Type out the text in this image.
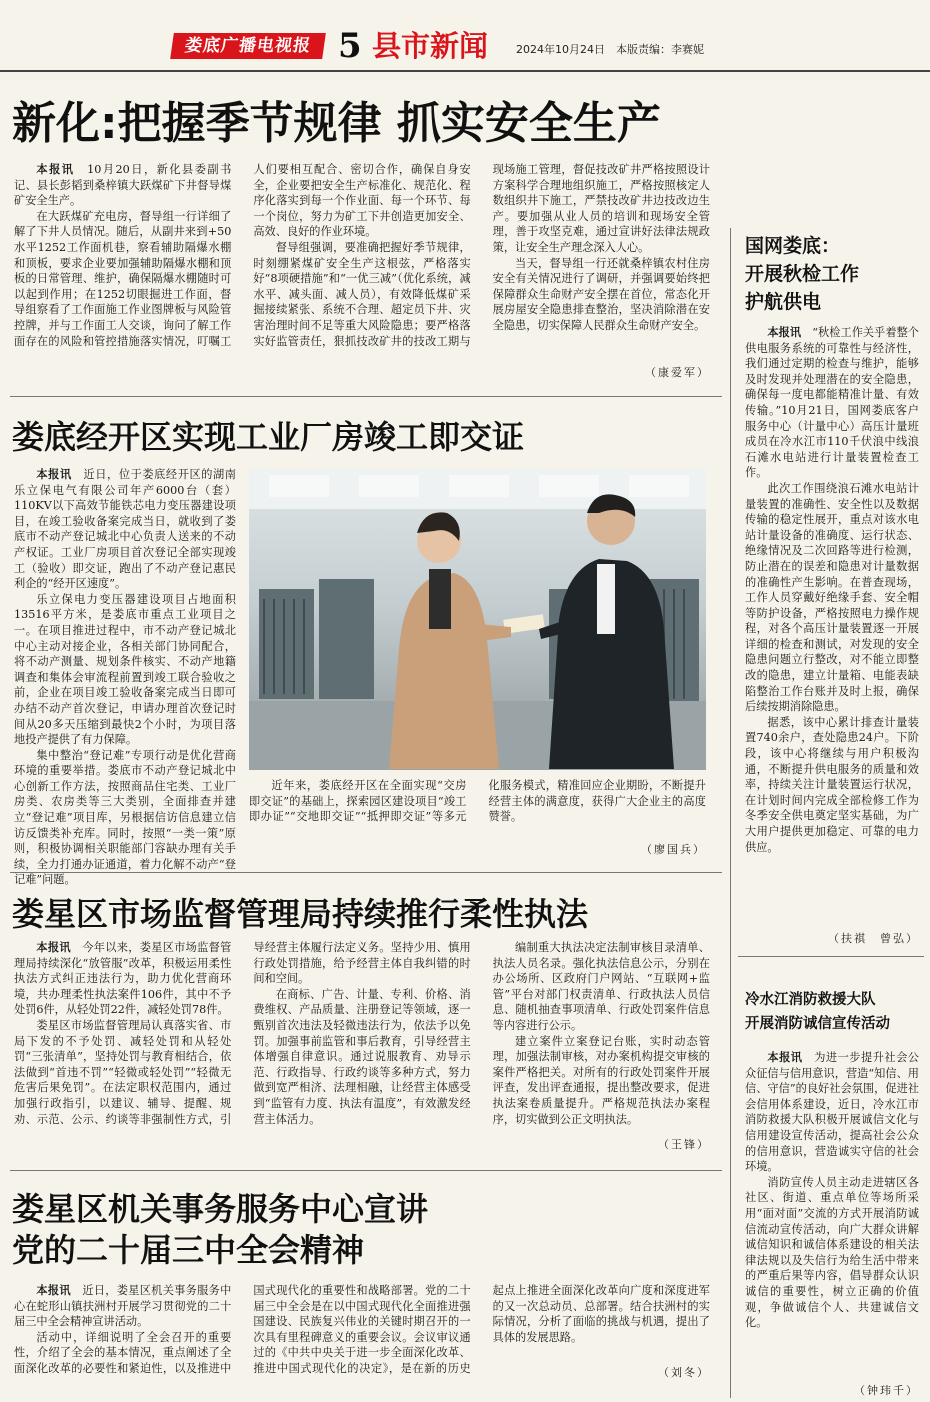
娄底广播电视报 5 县市新闻	2024年10月24日　本版责编：李赛妮
新化:把握季节规律 抓实安全生产

本报讯　 10月20日，新化县委副书记、县长彭韬到桑梓镇大跃煤矿下井督导煤矿安全生产。

在大跃煤矿充电房，督导组一行详细了解了下井人员情况。随后，从副井来到+50水平1252工作面机巷，察看辅助隔爆水棚和顶板，要求企业要加强辅助隔爆水棚和顶板的日常管理、维护，确保隔爆水棚随时可以起到作用；在1252切眼掘进工作面，督导组察看了工作面施工作业图牌板与风险管控牌，并与工作面工人交谈，询问了解工作面存在的风险和管控措施落实情况，叮嘱工人们要相互配合、密切合作，确保自身安全，企业要把安全生产标准化、规范化、程序化落实到每一个作业面、每一个环节、每一个岗位，努力为矿工下井创造更加安全、高效、良好的作业环境。

督导组强调，要准确把握好季节规律，时刻绷紧煤矿安全生产这根弦，严格落实好“8项硬措施”和“一优三减”（优化系统，减水平、减头面、减人员），有效降低煤矿采掘接续紧张、系统不合理、超定员下井、灾害治理时间不足等重大风险隐患；要严格落实好监管责任，狠抓技改矿井的技改工期与现场施工管理，督促技改矿井严格按照设计方案科学合理地组织施工，严格按照核定人数组织井下施工，严禁技改矿井边技改边生产。要加强从业人员的培训和现场安全管理，善于攻坚克难，通过宣讲好法律法规政策，让安全生产理念深入人心。

当天，督导组一行还就桑梓镇农村住房安全有关情况进行了调研，并强调要始终把保障群众生命财产安全摆在首位，常态化开展房屋安全隐患排查整治，坚决消除潜在安全隐患，切实保障人民群众生命财产安全。

（康爱军）
娄底经开区实现工业厂房竣工即交证

本报讯　 近日，位于娄底经开区的湖南乐立保电气有限公司年产6000台（套）110KV以下高效节能铁芯电力变压器建设项目，在竣工验收备案完成当日，就收到了娄底市不动产登记城北中心负责人送来的不动产权证。工业厂房项目首次登记全部实现竣工（验收）即交证，跑出了不动产登记惠民利企的“经开区速度”。

乐立保电力变压器建设项目占地面积13516平方米，是娄底市重点工业项目之一。在项目推进过程中，市不动产登记城北中心主动对接企业，各相关部门协同配合，将不动产测量、规划条件核实、不动产地籍调查和集体会审流程前置到竣工联合验收之前，企业在项目竣工验收备案完成当日即可办结不动产首次登记，申请办理首次登记时间从20多天压缩到最快2个小时，为项目落地投产提供了有力保障。

集中整治“登记难”专项行动是优化营商环境的重要举措。娄底市不动产登记城北中心创新工作方法，按照商品住宅类、工业厂房类、农房类等三大类别，全面排查并建立“登记难”项目库，另根据信访信息建立信访反馈类补充库。同时，按照“一类一策”原则，积极协调相关职能部门容缺办理有关手续，全力打通办证通道，着力化解不动产“登记难”问题。

近年来，娄底经开区在全面实现“交房即交证”的基础上，探索园区建设项目“竣工即办证”“交地即交证”“抵押即交证”等多元化服务模式，精准回应企业期盼，不断提升经营主体的满意度，获得广大企业主的高度赞誉。

（廖国兵）
娄星区市场监督管理局持续推行柔性执法

本报讯　 今年以来，娄星区市场监督管理局持续深化“放管服”改革，积极运用柔性执法方式纠正违法行为，助力优化营商环境，共办理柔性执法案件106件，其中不予处罚6件，从轻处罚22件，减轻处罚78件。

娄星区市场监督管理局认真落实省、市局下发的不予处罚、减轻处罚和从轻处罚“三张清单”，坚持处罚与教育相结合，依法做到“首违不罚”“轻微或轻处罚”“轻微无危害后果免罚”。在法定职权范围内，通过加强行政指引，以建议、辅导、提醒、规劝、示范、公示、约谈等非强制性方式，引导经营主体履行法定义务。坚持少用、慎用行政处罚措施，给予经营主体自我纠错的时间和空间。

在商标、广告、计量、专利、价格、消费维权、产品质量、注册登记等领域，逐一甄别首次违法及轻微违法行为，依法予以免罚。加强事前监管和事后教育，引导经营主体增强自律意识。通过说服教育、劝导示范、行政指导、行政约谈等多种方式，努力做到宽严相济、法理相融，让经营主体感受到“监管有力度、执法有温度”，有效激发经营主体活力。

编制重大执法决定法制审核目录清单、执法人员名录。强化执法信息公示，分别在办公场所、区政府门户网站、“互联网+监管”平台对部门权责清单、行政执法人员信息、随机抽查事项清单、行政处罚案件信息等内容进行公示。

建立案件立案登记台账，实时动态管理，加强法制审核，对办案机构提交审核的案件严格把关。对所有的行政处罚案件开展评查，发出评查通报，提出整改要求，促进执法案卷质量提升。严格规范执法办案程序，切实做到公正文明执法。

（王锋）
娄星区机关事务服务中心宣讲
党的二十届三中全会精神

本报讯　 近日，娄星区机关事务服务中心在蛇形山镇扶洲村开展学习贯彻党的二十届三中全会精神宣讲活动。

活动中，详细说明了全会召开的重要性，介绍了全会的基本情况，重点阐述了全面深化改革的必要性和紧迫性，以及推进中国式现代化的重要性和战略部署。党的二十届三中全会是在以中国式现代化全面推进强国建设、民族复兴伟业的关键时期召开的一次具有里程碑意义的重要会议。会议审议通过的《中共中央关于进一步全面深化改革、推进中国式现代化的决定》，是在新的历史起点上推进全面深化改革向广度和深度进军的又一次总动员、总部署。结合扶洲村的实际情况，分析了面临的挑战与机遇，提出了具体的发展思路。

（刘冬）
国网娄底：
开展秋检工作
护航供电

本报讯　 “秋检工作关乎着整个供电服务系统的可靠性与经济性，我们通过定期的检查与维护，能够及时发现并处理潜在的安全隐患，确保每一度电都能精准计量、有效传输。”10月21日，国网娄底客户服务中心（计量中心）高压计量班成员在冷水江市110千伏浪中线浪石滩水电站进行计量装置检查工作。

此次工作围绕浪石滩水电站计量装置的准确性、安全性以及数据传输的稳定性展开，重点对该水电站计量设备的准确度、运行状态、绝缘情况及二次回路等进行检测，防止潜在的误差和隐患对计量数据的准确性产生影响。在普查现场，工作人员穿戴好绝缘手套、安全帽等防护设备，严格按照电力操作规程，对各个高压计量装置逐一开展详细的检查和测试，对发现的安全隐患问题立行整改，对不能立即整改的隐患，建立计量箱、电能表缺陷整治工作台账并及时上报，确保后续按期消除隐患。

据悉，该中心累计排查计量装置740余户，查处隐患24户。下阶段，该中心将继续与用户积极沟通，不断提升供电服务的质量和效率，持续关注计量装置运行状况，在计划时间内完成全部检修工作为冬季安全供电奠定坚实基础，为广大用户提供更加稳定、可靠的电力供应。

（扶祺　曾弘）
冷水江消防救援大队
开展消防诚信宣传活动

本报讯　 为进一步提升社会公众征信与信用意识，营造“知信、用信、守信”的良好社会氛围，促进社会信用体系建设，近日，冷水江市消防救援大队积极开展诚信文化与信用建设宣传活动，提高社会公众的信用意识，营造诚实守信的社会环境。

消防宣传人员主动走进辖区各社区、街道、重点单位等场所采用“面对面”交流的方式开展消防诚信流动宣传活动，向广大群众讲解诚信知识和诚信体系建设的相关法律法规以及失信行为给生活中带来的严重后果等内容，倡导群众认识诚信的重要性，树立正确的价值观，争做诚信个人、共建诚信文化。

（钟玮千）
